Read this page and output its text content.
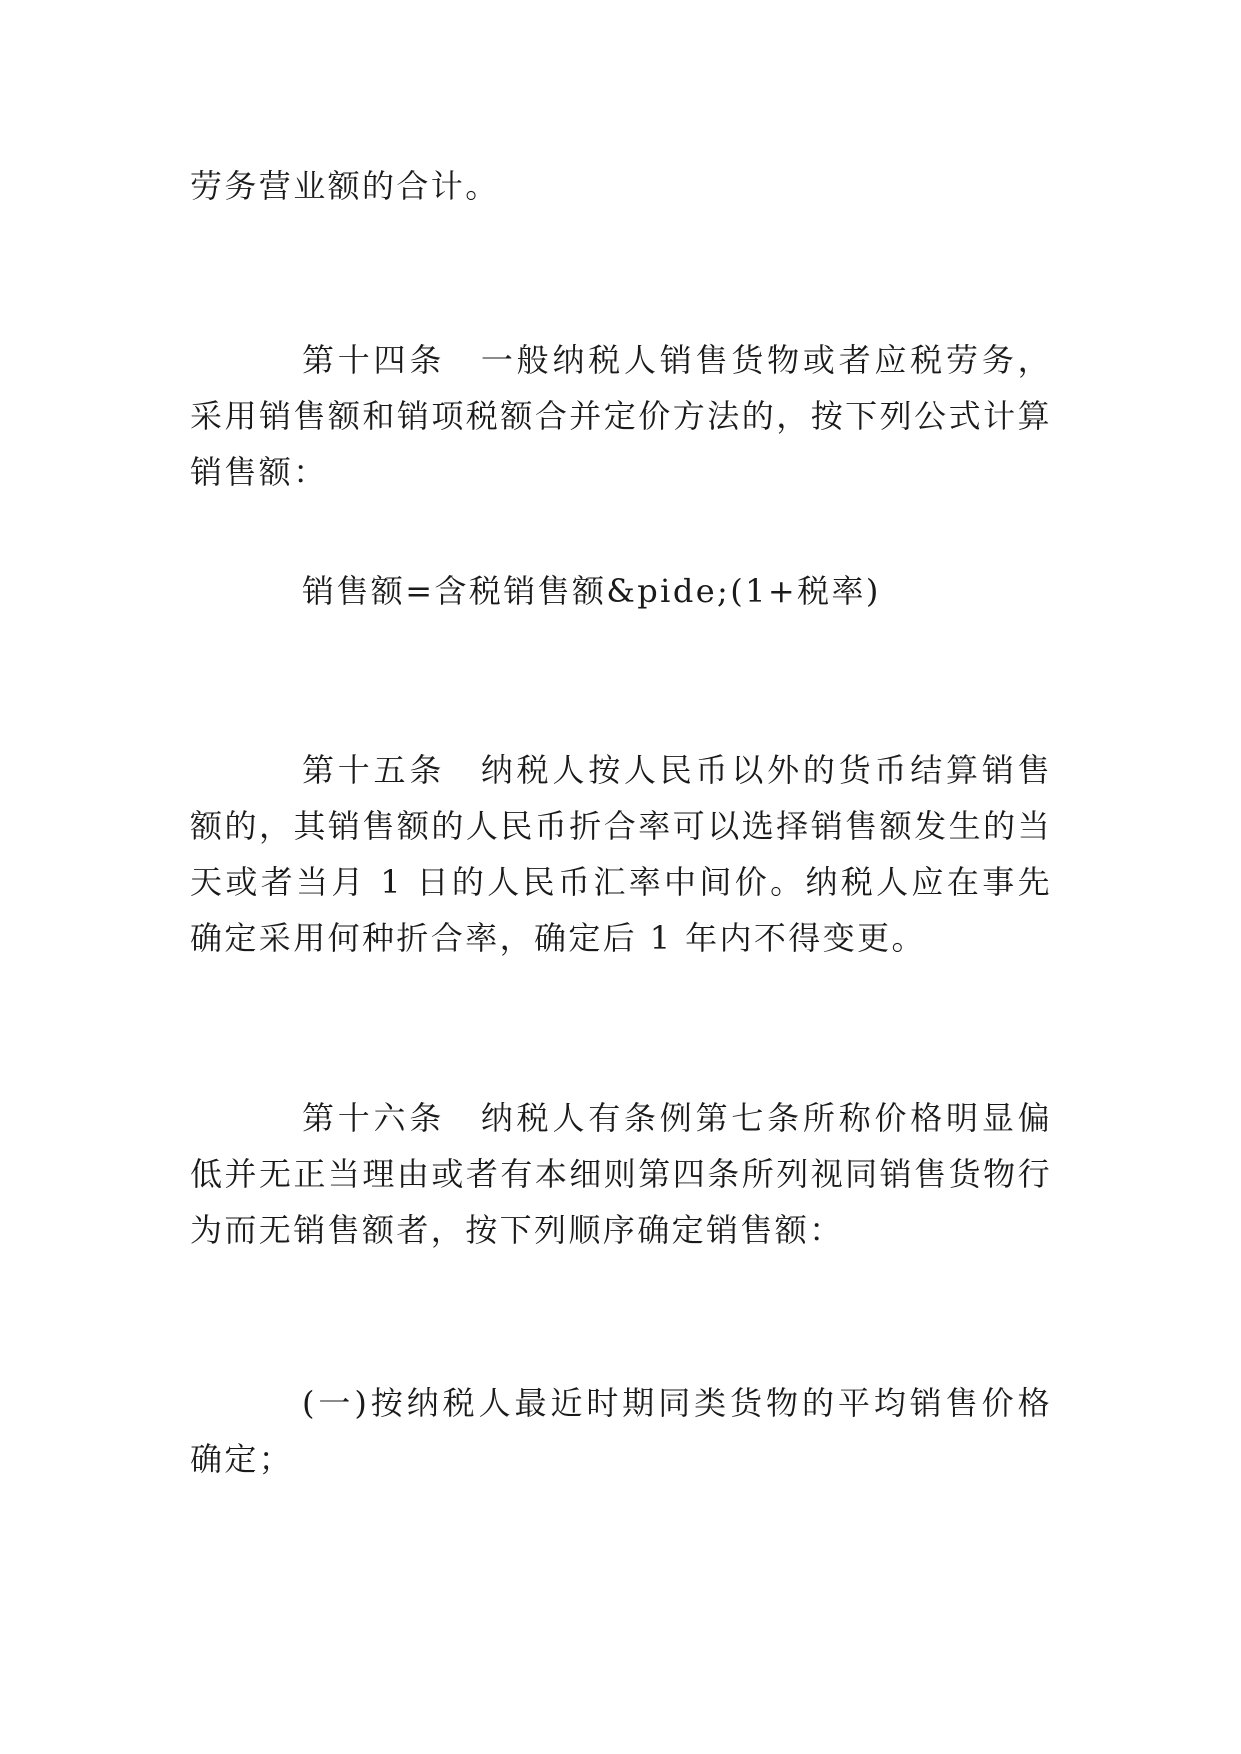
劳务营业额的合计。

第十四条　一般纳税人销售货物或者应税劳务，采用销售额和销项税额合并定价方法的，按下列公式计算销售额：

销售额=含税销售额&pide;(1+税率)

第十五条　纳税人按人民币以外的货币结算销售额的，其销售额的人民币折合率可以选择销售额发生的当天或者当月 1 日的人民币汇率中间价。纳税人应在事先确定采用何种折合率，确定后 1 年内不得变更。

第十六条　纳税人有条例第七条所称价格明显偏低并无正当理由或者有本细则第四条所列视同销售货物行为而无销售额者，按下列顺序确定销售额：

(一)按纳税人最近时期同类货物的平均销售价格确定；
